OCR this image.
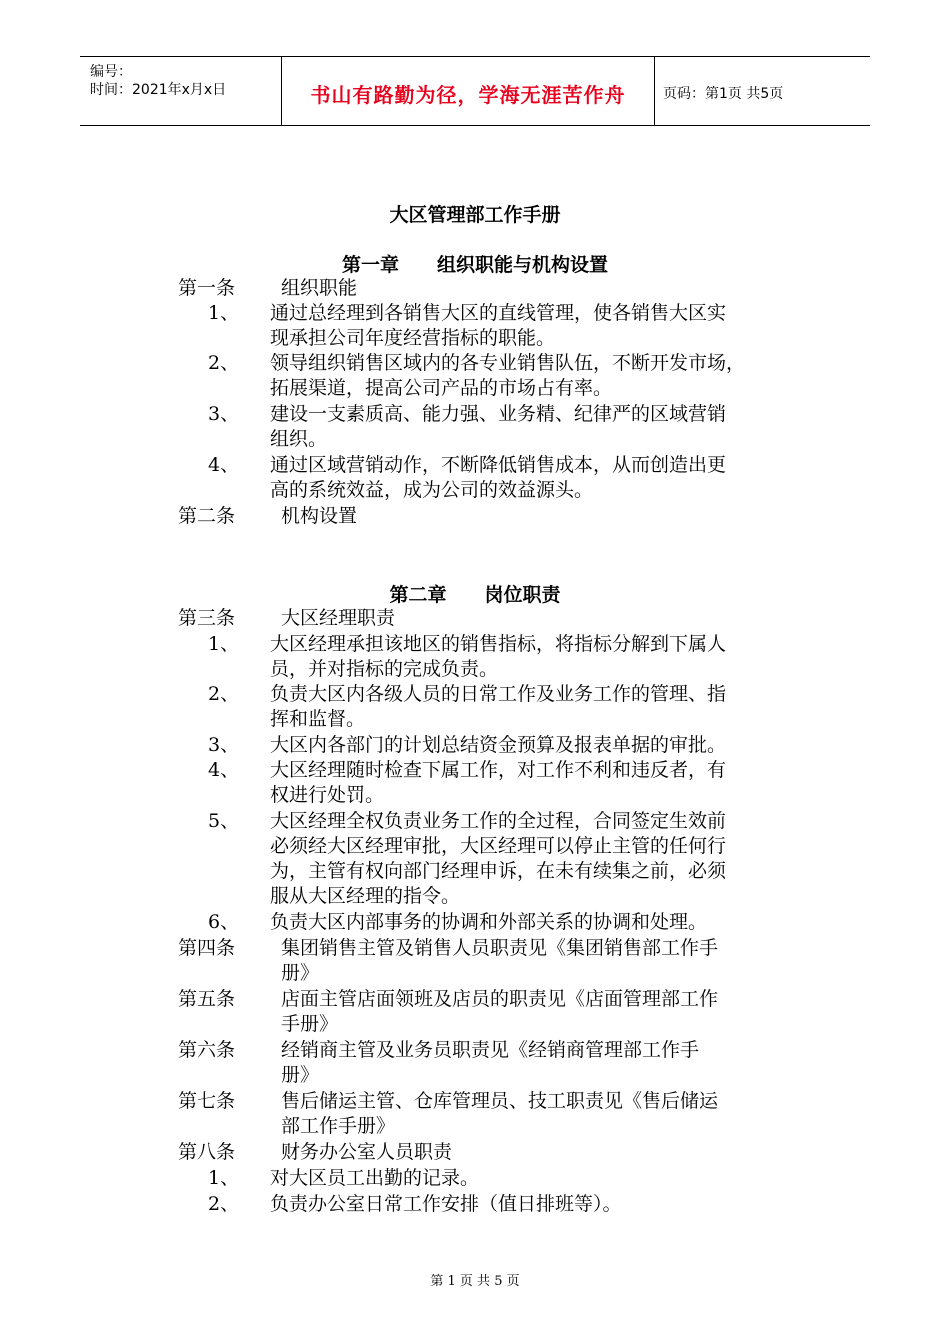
编号：
时间：2021年x月x日	书山有路勤为径，学海无涯苦作舟	页码：第1页 共5页
大区管理部工作手册
第一章　　组织职能与机构设置
第一条 组织职能
1、 通过总经理到各销售大区的直线管理，使各销售大区实
现承担公司年度经营指标的职能。
2、 领导组织销售区域内的各专业销售队伍，不断开发市场，
拓展渠道，提高公司产品的市场占有率。
3、 建设一支素质高、能力强、业务精、纪律严的区域营销
组织。
4、 通过区域营销动作，不断降低销售成本，从而创造出更
高的系统效益，成为公司的效益源头。
第二条 机构设置
第二章　　岗位职责
第三条 大区经理职责
1、 大区经理承担该地区的销售指标，将指标分解到下属人
员，并对指标的完成负责。
2、 负责大区内各级人员的日常工作及业务工作的管理、指
挥和监督。
3、 大区内各部门的计划总结资金预算及报表单据的审批。
4、 大区经理随时检查下属工作，对工作不利和违反者，有
权进行处罚。
5、 大区经理全权负责业务工作的全过程，合同签定生效前
必须经大区经理审批，大区经理可以停止主管的任何行
为，主管有权向部门经理申诉，在未有续集之前，必须
服从大区经理的指令。
6、 负责大区内部事务的协调和外部关系的协调和处理。
第四条 集团销售主管及销售人员职责见《集团销售部工作手
册》
第五条 店面主管店面领班及店员的职责见《店面管理部工作
手册》
第六条 经销商主管及业务员职责见《经销商管理部工作手
册》
第七条 售后储运主管、仓库管理员、技工职责见《售后储运
部工作手册》
第八条 财务办公室人员职责
1、 对大区员工出勤的记录。
2、 负责办公室日常工作安排（值日排班等）。
第 1 页 共 5 页
